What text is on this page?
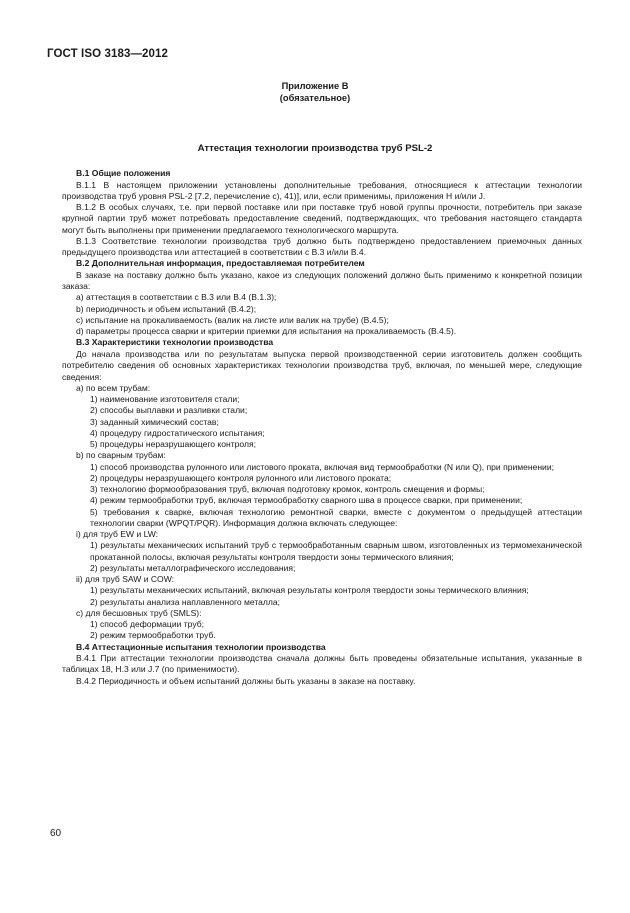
ГОСТ ISO 3183—2012
Приложение В
(обязательное)
Аттестация технологии производства труб PSL-2
В.1 Общие положения

В.1.1 В настоящем приложении установлены дополнительные требования, относящиеся к аттестации технологии производства труб уровня PSL-2 [7.2, перечисление с), 41)], или, если применимы, приложения Н и/или J.

В.1.2 В особых случаях, т.е. при первой поставке или при поставке труб новой группы прочности, потребитель при заказе крупной партии труб может потребовать предоставление сведений, подтверждающих, что требования настоящего стандарта могут быть выполнены при применении предлагаемого технологического маршрута.

В.1.3 Соответствие технологии производства труб должно быть подтверждено предоставлением приемочных данных предыдущего производства или аттестацией в соответствии с В.3 и/или В.4.

В.2 Дополнительная информация, предоставляемая потребителем

В заказе на поставку должно быть указано, какое из следующих положений должно быть применимо к конкретной позиции заказа:

а) аттестация в соответствии с В.3 или В.4 (В.1.3);

b) периодичность и объем испытаний (В.4.2);

с) испытание на прокаливаемость (валик на листе или валик на трубе) (В.4.5);

d) параметры процесса сварки и критерии приемки для испытания на прокаливаемость (В.4.5).

В.3 Характеристики технологии производства

До начала производства или по результатам выпуска первой производственной серии изготовитель должен сообщить потребителю сведения об основных характеристиках технологии производства труб, включая, по меньшей мере, следующие сведения:

а) по всем трубам:

1) наименование изготовителя стали;

2) способы выплавки и разливки стали;

3) заданный химический состав;

4) процедуру гидростатического испытания;

5) процедуры неразрушающего контроля;

b) по сварным трубам:

1) способ производства рулонного или листового проката, включая вид термообработки (N или Q), при применении;

2) процедуры неразрушающего контроля рулонного или листового проката;

3) технологию формообразования труб, включая подготовку кромок, контроль смещения и формы;

4) режим термообработки труб, включая термообработку сварного шва в процессе сварки, при применении;

5) требования к сварке, включая технологию ремонтной сварки, вместе с документом о предыдущей аттестации технологии сварки (WPQT/PQR). Информация должна включать следующее:

i) для труб EW и LW:

1) результаты механических испытаний труб с термообработанным сварным швом, изготовленных из термомеханической прокатанной полосы, включая результаты контроля твердости зоны термического влияния;

2) результаты металлографического исследования;

ii) для труб SAW и COW:

1) результаты механических испытаний, включая результаты контроля твердости зоны термического влияния;

2) результаты анализа наплавленного металла;

с) для бесшовных труб (SMLS):

1) способ деформации труб;

2) режим термообработки труб.

В.4 Аттестационные испытания технологии производства

В.4.1 При аттестации технологии производства сначала должны быть проведены обязательные испытания, указанные в таблицах 18, Н.3 или J.7 (по применимости).

В.4.2 Периодичность и объем испытаний должны быть указаны в заказе на поставку.

60
